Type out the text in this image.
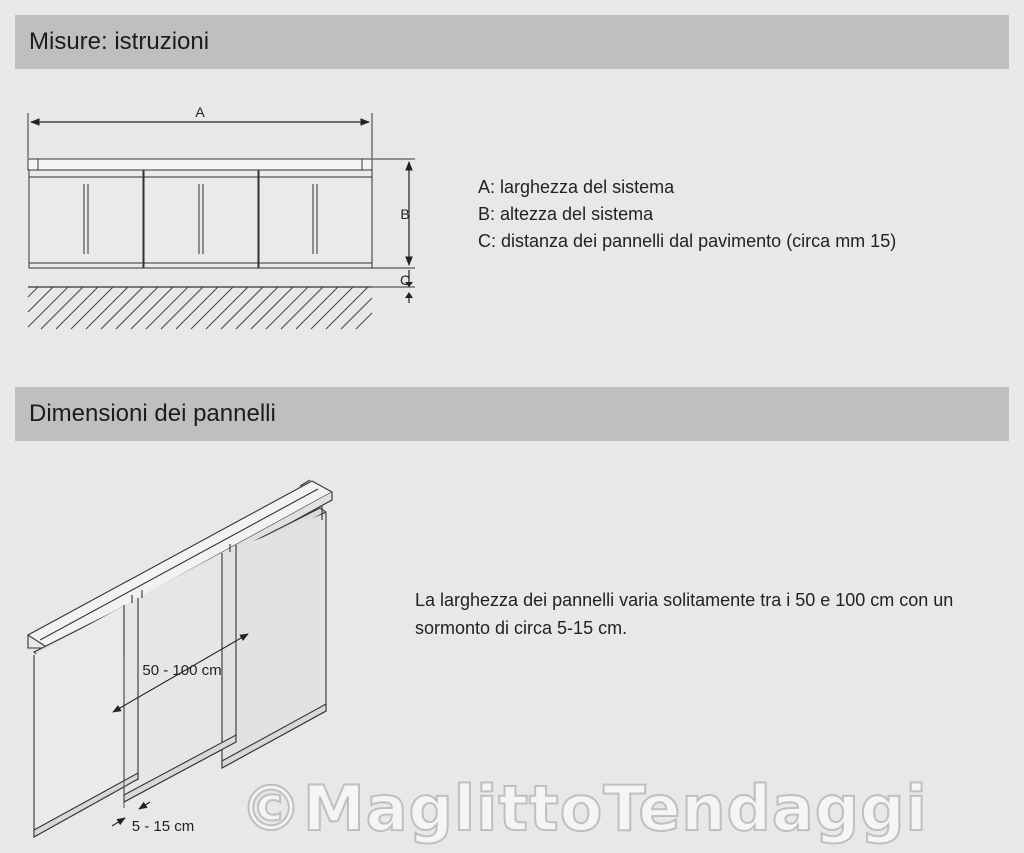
Misure: istruzioni
A
B
C
50 - 100 cm
5 - 15 cm
A: larghezza del sistema
B: altezza del sistema
C: distanza dei pannelli dal pavimento (circa mm 15)
Dimensioni dei pannelli
La larghezza dei pannelli varia solitamente tra i 50 e 100 cm con un
sormonto di circa 5-15 cm.
©MaglittoTendaggi
